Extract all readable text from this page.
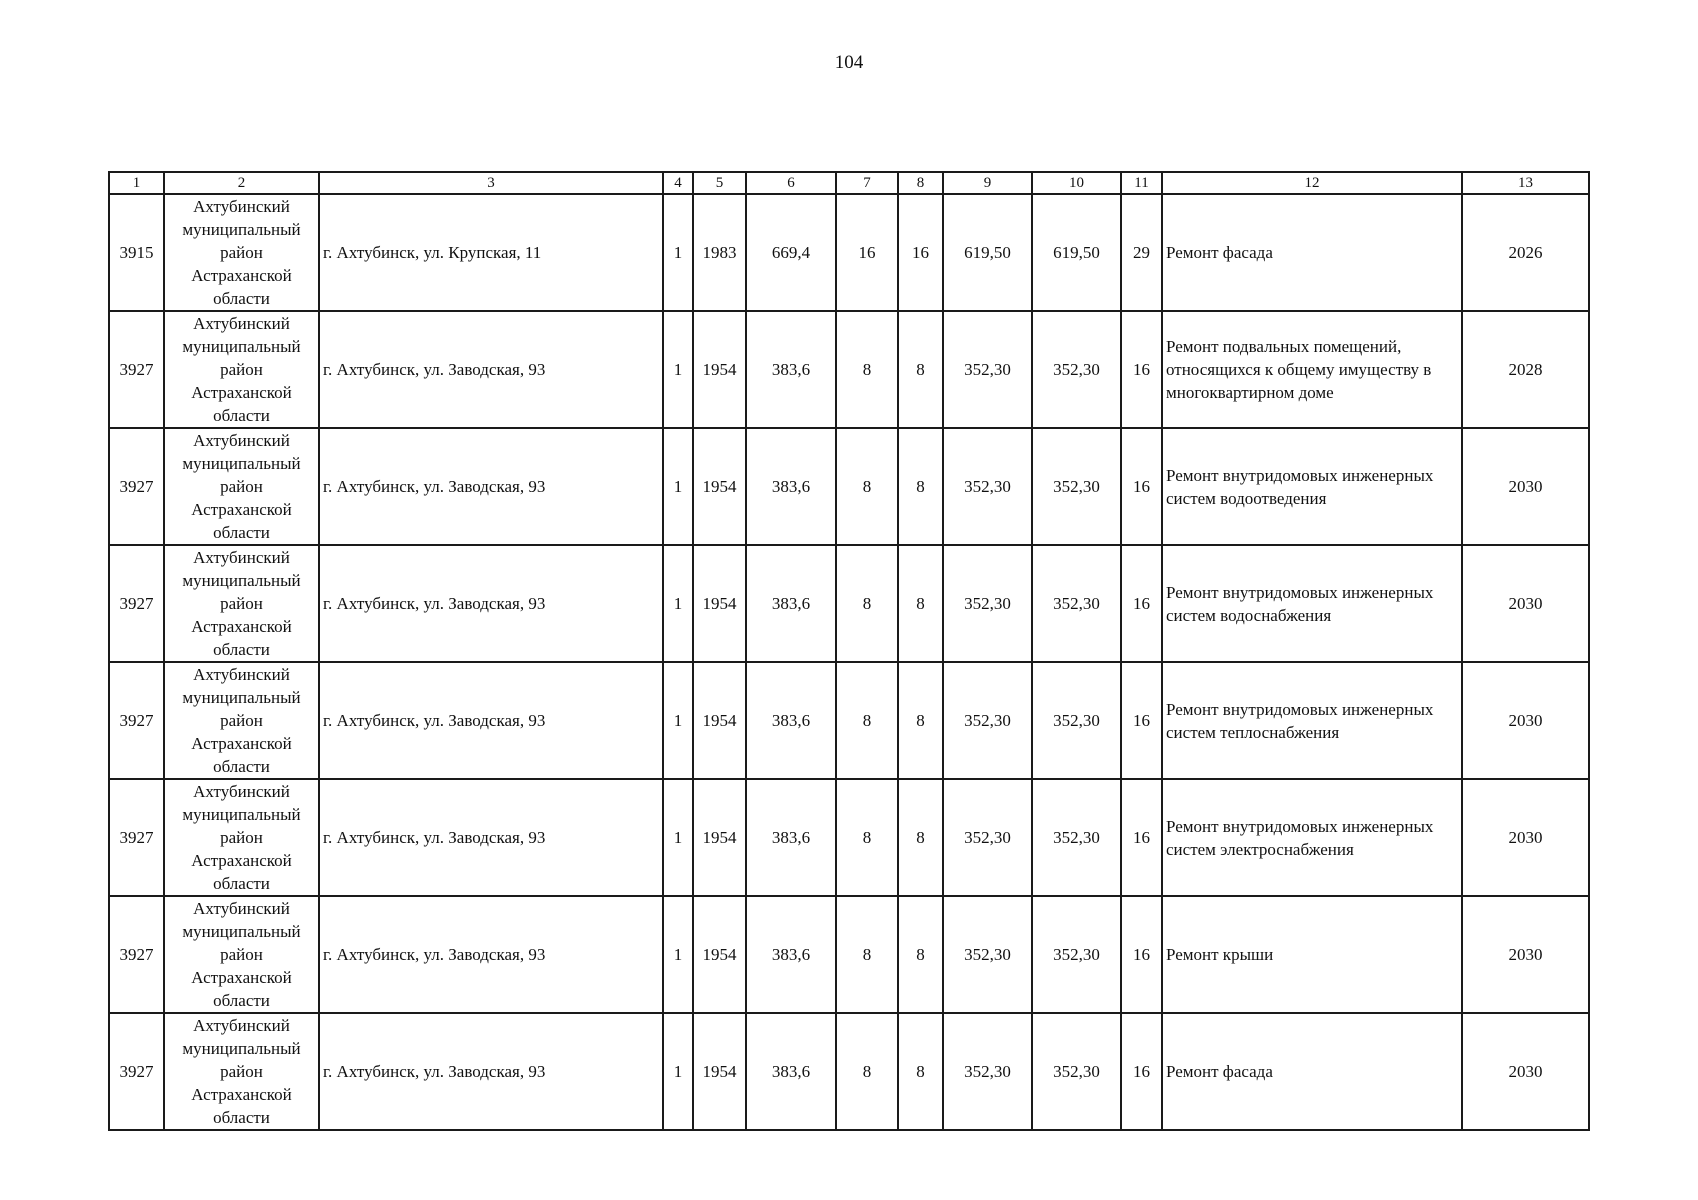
104
1	2	3	4	5	6	7	8	9	10	11	12	13
3915	Ахтубинский
муниципальный
район
Астраханской
области	г. Ахтубинск, ул. Крупская, 11	1	1983	669,4	16	16	619,50	619,50	29	Ремонт фасада	2026
3927	Ахтубинский
муниципальный
район
Астраханской
области	г. Ахтубинск, ул. Заводская, 93	1	1954	383,6	8	8	352,30	352,30	16	Ремонт подвальных помещений, относящихся к общему имуществу в многоквартирном доме	2028
3927	Ахтубинский
муниципальный
район
Астраханской
области	г. Ахтубинск, ул. Заводская, 93	1	1954	383,6	8	8	352,30	352,30	16	Ремонт внутридомовых инженерных систем водоотведения	2030
3927	Ахтубинский
муниципальный
район
Астраханской
области	г. Ахтубинск, ул. Заводская, 93	1	1954	383,6	8	8	352,30	352,30	16	Ремонт внутридомовых инженерных систем водоснабжения	2030
3927	Ахтубинский
муниципальный
район
Астраханской
области	г. Ахтубинск, ул. Заводская, 93	1	1954	383,6	8	8	352,30	352,30	16	Ремонт внутридомовых инженерных систем теплоснабжения	2030
3927	Ахтубинский
муниципальный
район
Астраханской
области	г. Ахтубинск, ул. Заводская, 93	1	1954	383,6	8	8	352,30	352,30	16	Ремонт внутридомовых инженерных систем электроснабжения	2030
3927	Ахтубинский
муниципальный
район
Астраханской
области	г. Ахтубинск, ул. Заводская, 93	1	1954	383,6	8	8	352,30	352,30	16	Ремонт крыши	2030
3927	Ахтубинский
муниципальный
район
Астраханской
области	г. Ахтубинск, ул. Заводская, 93	1	1954	383,6	8	8	352,30	352,30	16	Ремонт фасада	2030
